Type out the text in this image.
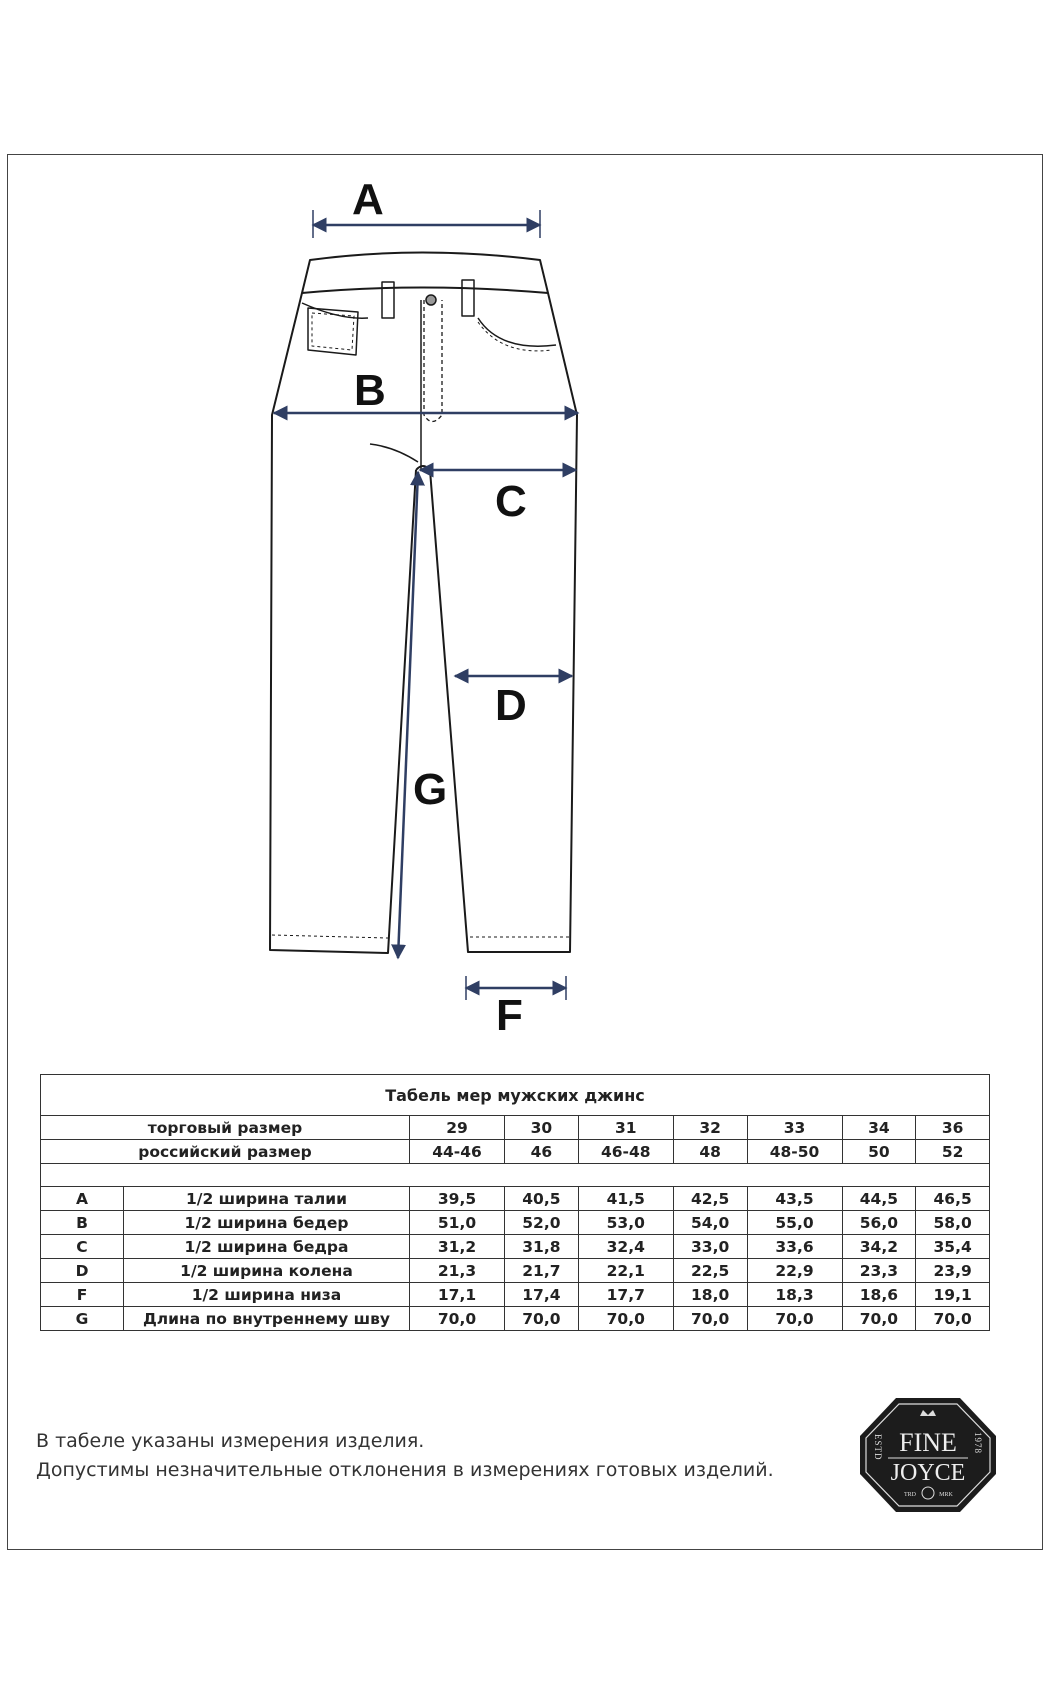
A
B
C
D
G
F
Табель мер мужских джинс								
торговый размер		29	30	31	32	33	34	36
российский размер		44-46	46	46-48	48	48-50	50	52

A	1/2 ширина талии	39,5	40,5	41,5	42,5	43,5	44,5	46,5
B	1/2 ширина бедер	51,0	52,0	53,0	54,0	55,0	56,0	58,0
C	1/2 ширина бедра	31,2	31,8	32,4	33,0	33,6	34,2	35,4
D	1/2 ширина колена	21,3	21,7	22,1	22,5	22,9	23,3	23,9
F	1/2 ширина низа	17,1	17,4	17,7	18,0	18,3	18,6	19,1
G	Длина по внутреннему шву	70,0	70,0	70,0	70,0	70,0	70,0	70,0
В табеле указаны измерения изделия.
Допустимы незначительные отклонения в измерениях готовых изделий.
FINE
JOYCE
ESTD	1978
TRD	MRK
